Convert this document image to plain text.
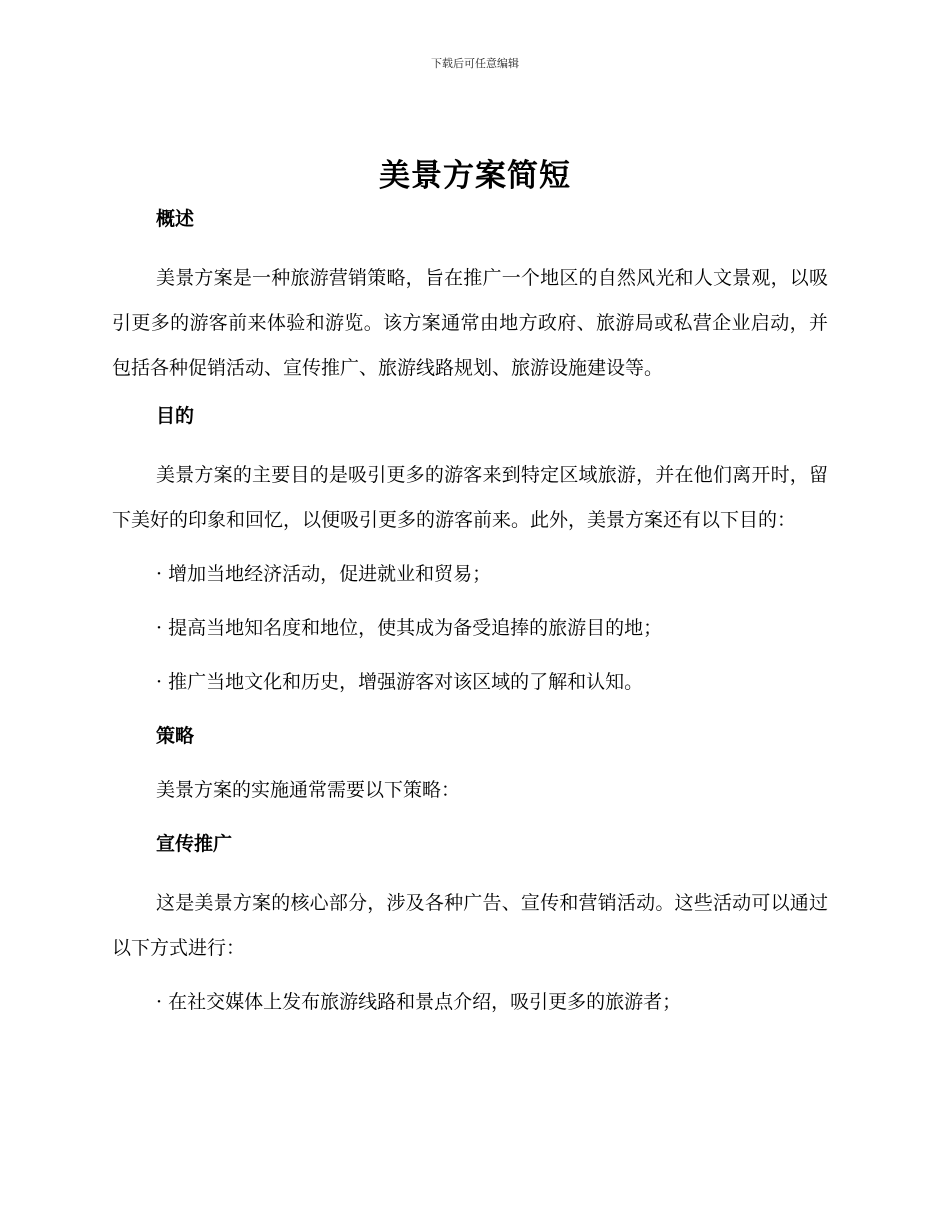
下载后可任意编辑
美景方案简短
概述

美景方案是一种旅游营销策略，旨在推广一个地区的自然风光和人文景观，以吸引更多的游客前来体验和游览。该方案通常由地方政府、旅游局或私营企业启动，并包括各种促销活动、宣传推广、旅游线路规划、旅游设施建设等。

目的

美景方案的主要目的是吸引更多的游客来到特定区域旅游，并在他们离开时，留下美好的印象和回忆，以便吸引更多的游客前来。此外，美景方案还有以下目的：

· 增加当地经济活动，促进就业和贸易；
· 提高当地知名度和地位，使其成为备受追捧的旅游目的地；
· 推广当地文化和历史，增强游客对该区域的了解和认知。
策略
美景方案的实施通常需要以下策略：
宣传推广

这是美景方案的核心部分，涉及各种广告、宣传和营销活动。这些活动可以通过以下方式进行：

· 在社交媒体上发布旅游线路和景点介绍，吸引更多的旅游者；
